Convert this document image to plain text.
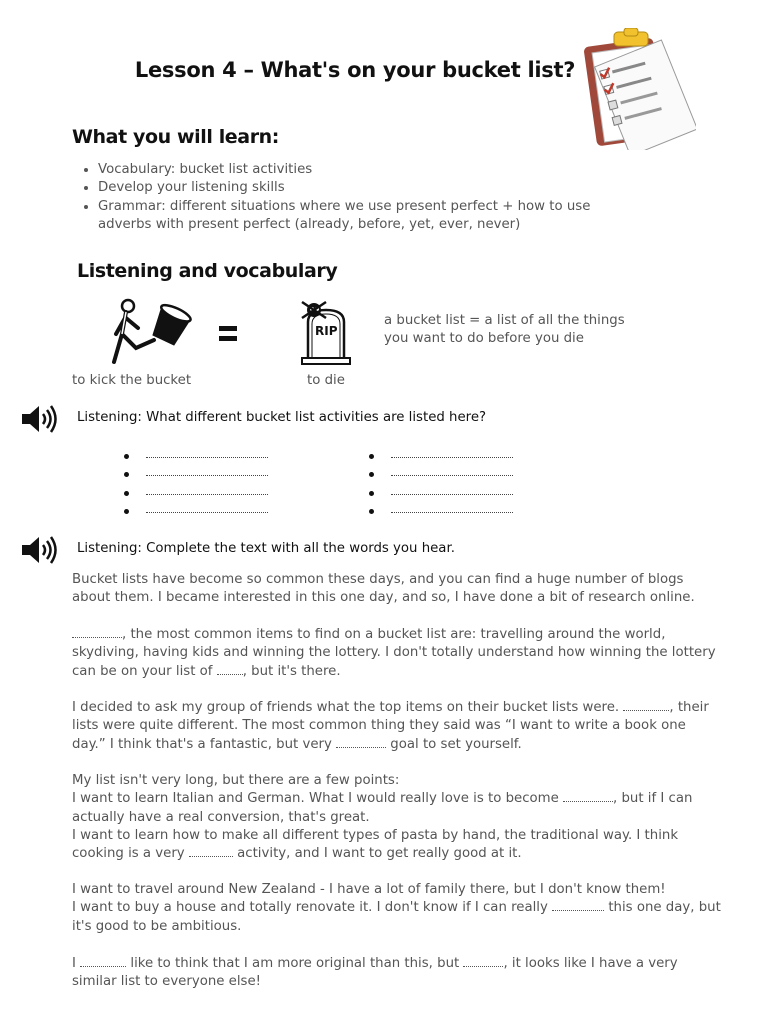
Lesson 4 – What's on your bucket list?
What you will learn:
• Vocabulary: bucket list activities
• Develop your listening skills
• Grammar: different situations where we use present perfect + how to use adverbs with present perfect (already, before, yet, ever, never)
Listening and vocabulary
RIP
a bucket list = a list of all the things you want to do before you die
to kick the bucket	to die
Listening: What different bucket list activities are listed here?
Listening: Complete the text with all the words you hear.

Bucket lists have become so common these days, and you can find a huge number of blogs about them. I became interested in this one day, and so, I have done a bit of research online.

, the most common items to find on a bucket list are: travelling around the world, skydiving, having kids and winning the lottery. I don't totally understand how winning the lottery can be on your list of , but it's there.

I decided to ask my group of friends what the top items on their bucket lists were.	, their lists were quite different. The most common thing they said was “I want to write a book one day.” I think that's a fantastic, but very	goal to set yourself.

My list isn't very long, but there are a few points:

I want to learn Italian and German. What I would really love is to become	, but if I can actually have a real conversion, that's great.

I want to learn how to make all different types of pasta by hand, the traditional way. I think cooking is a very	activity, and I want to get really good at it.

I want to travel around New Zealand - I have a lot of family there, but I don't know them!

I want to buy a house and totally renovate it. I don't know if I can really	this one day, but it's good to be ambitious.

I	like to think that I am more original than this, but	, it looks like I have a very similar list to everyone else!
